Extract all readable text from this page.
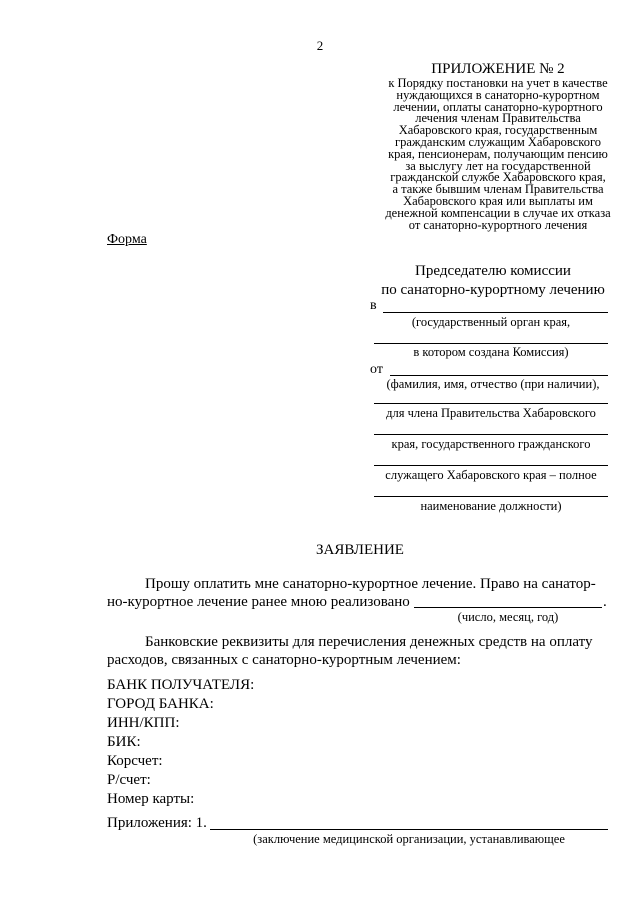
2
ПРИЛОЖЕНИЕ № 2
к Порядку постановки на учет в качестве
нуждающихся в санаторно-курортном
лечении, оплаты санаторно-курортного
лечения членам Правительства
Хабаровского края, государственным
гражданским служащим Хабаровского
края, пенсионерам, получающим пенсию
за выслугу лет на государственной
гражданской службе Хабаровского края,
а также бывшим членам Правительства
Хабаровского края или выплаты им
денежной компенсации в случае их отказа
от санаторно-курортного лечения
Форма
Председателю комиссии
по санаторно-курортному лечению
в
(государственный орган края,
в котором создана Комиссия)
от
(фамилия, имя, отчество (при наличии),
для члена Правительства Хабаровского
края, государственного гражданского
служащего Хабаровского края – полное
наименование должности)
ЗАЯВЛЕНИЕ
Прошу оплатить мне санаторно-курортное лечение. Право на санатор-
но-курортное лечение ранее мною реализовано	.
(число, месяц, год)
Банковские реквизиты для перечисления денежных средств на оплату
расходов, связанных с санаторно-курортным лечением:
БАНК ПОЛУЧАТЕЛЯ:
ГОРОД БАНКА:
ИНН/КПП:
БИК:
Корсчет:
Р/счет:
Номер карты:
Приложения: 1.
(заключение медицинской организации, устанавливающее
